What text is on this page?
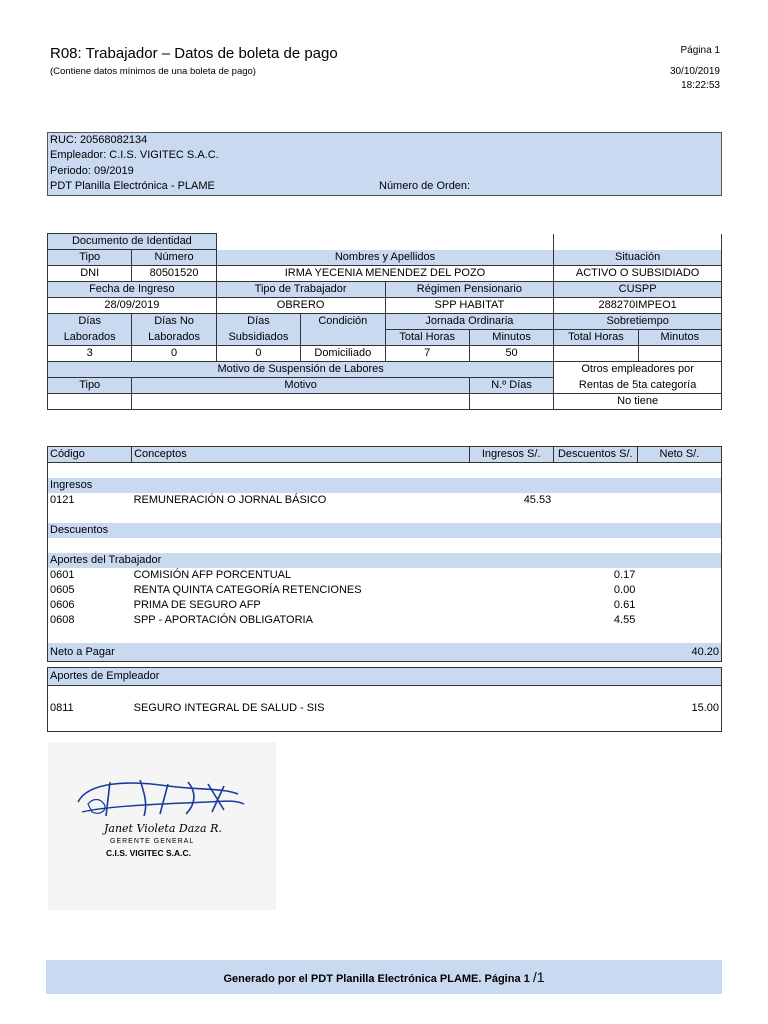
R08: Trabajador – Datos de boleta de pago
(Contiene datos mínimos de una boleta de pago)
Página 1
30/10/2019
18:22:53
RUC: 20568082134
Empleador: C.I.S. VIGITEC S.A.C.
Periodo: 09/2019
PDT Planilla Electrónica - PLAME	Número de Orden:
Documento de Identidad							
Tipo	Número	Nombres y Apellidos				Situación	
DNI	80501520	IRMA YECENIA MENENDEZ DEL POZO				ACTIVO O SUBSIDIADO	
Fecha de Ingreso		Tipo de Trabajador		Régimen Pensionario		CUSPP	
28/09/2019		OBRERO		SPP HABITAT		288270IMPEO1	
Días	Días No	Días	Condición	Jornada Ordinaria		Sobretiempo	
Laborados	Laborados	Subsidiados		Total Horas	Minutos	Total Horas	Minutos
3	0	0	Domiciliado	7	50		
Motivo de Suspensión de Labores						Otros empleadores por	
Tipo	Motivo				N.º Días	Rentas de 5ta categoría	
						No tiene	
Código	Conceptos	Ingresos S/.	Descuentos S/.	Neto S/.

Ingresos				
0121	REMUNERACIÓN O JORNAL BÁSICO	45.53		

Descuentos				

Aportes del Trabajador				
0601	COMISIÓN AFP PORCENTUAL		0.17	
0605	RENTA QUINTA CATEGORÍA RETENCIONES		0.00	
0606	PRIMA DE SEGURO AFP		0.61	
0608	SPP - APORTACIÓN OBLIGATORIA		4.55	

Neto a Pagar				40.20
Aportes de Empleador				

0811	SEGURO INTEGRAL DE SALUD - SIS			15.00

Janet Violeta Daza R.
GERENTE GENERAL
C.I.S. VIGITEC S.A.C.
Generado por el PDT Planilla Electrónica PLAME. Página 1 /1
